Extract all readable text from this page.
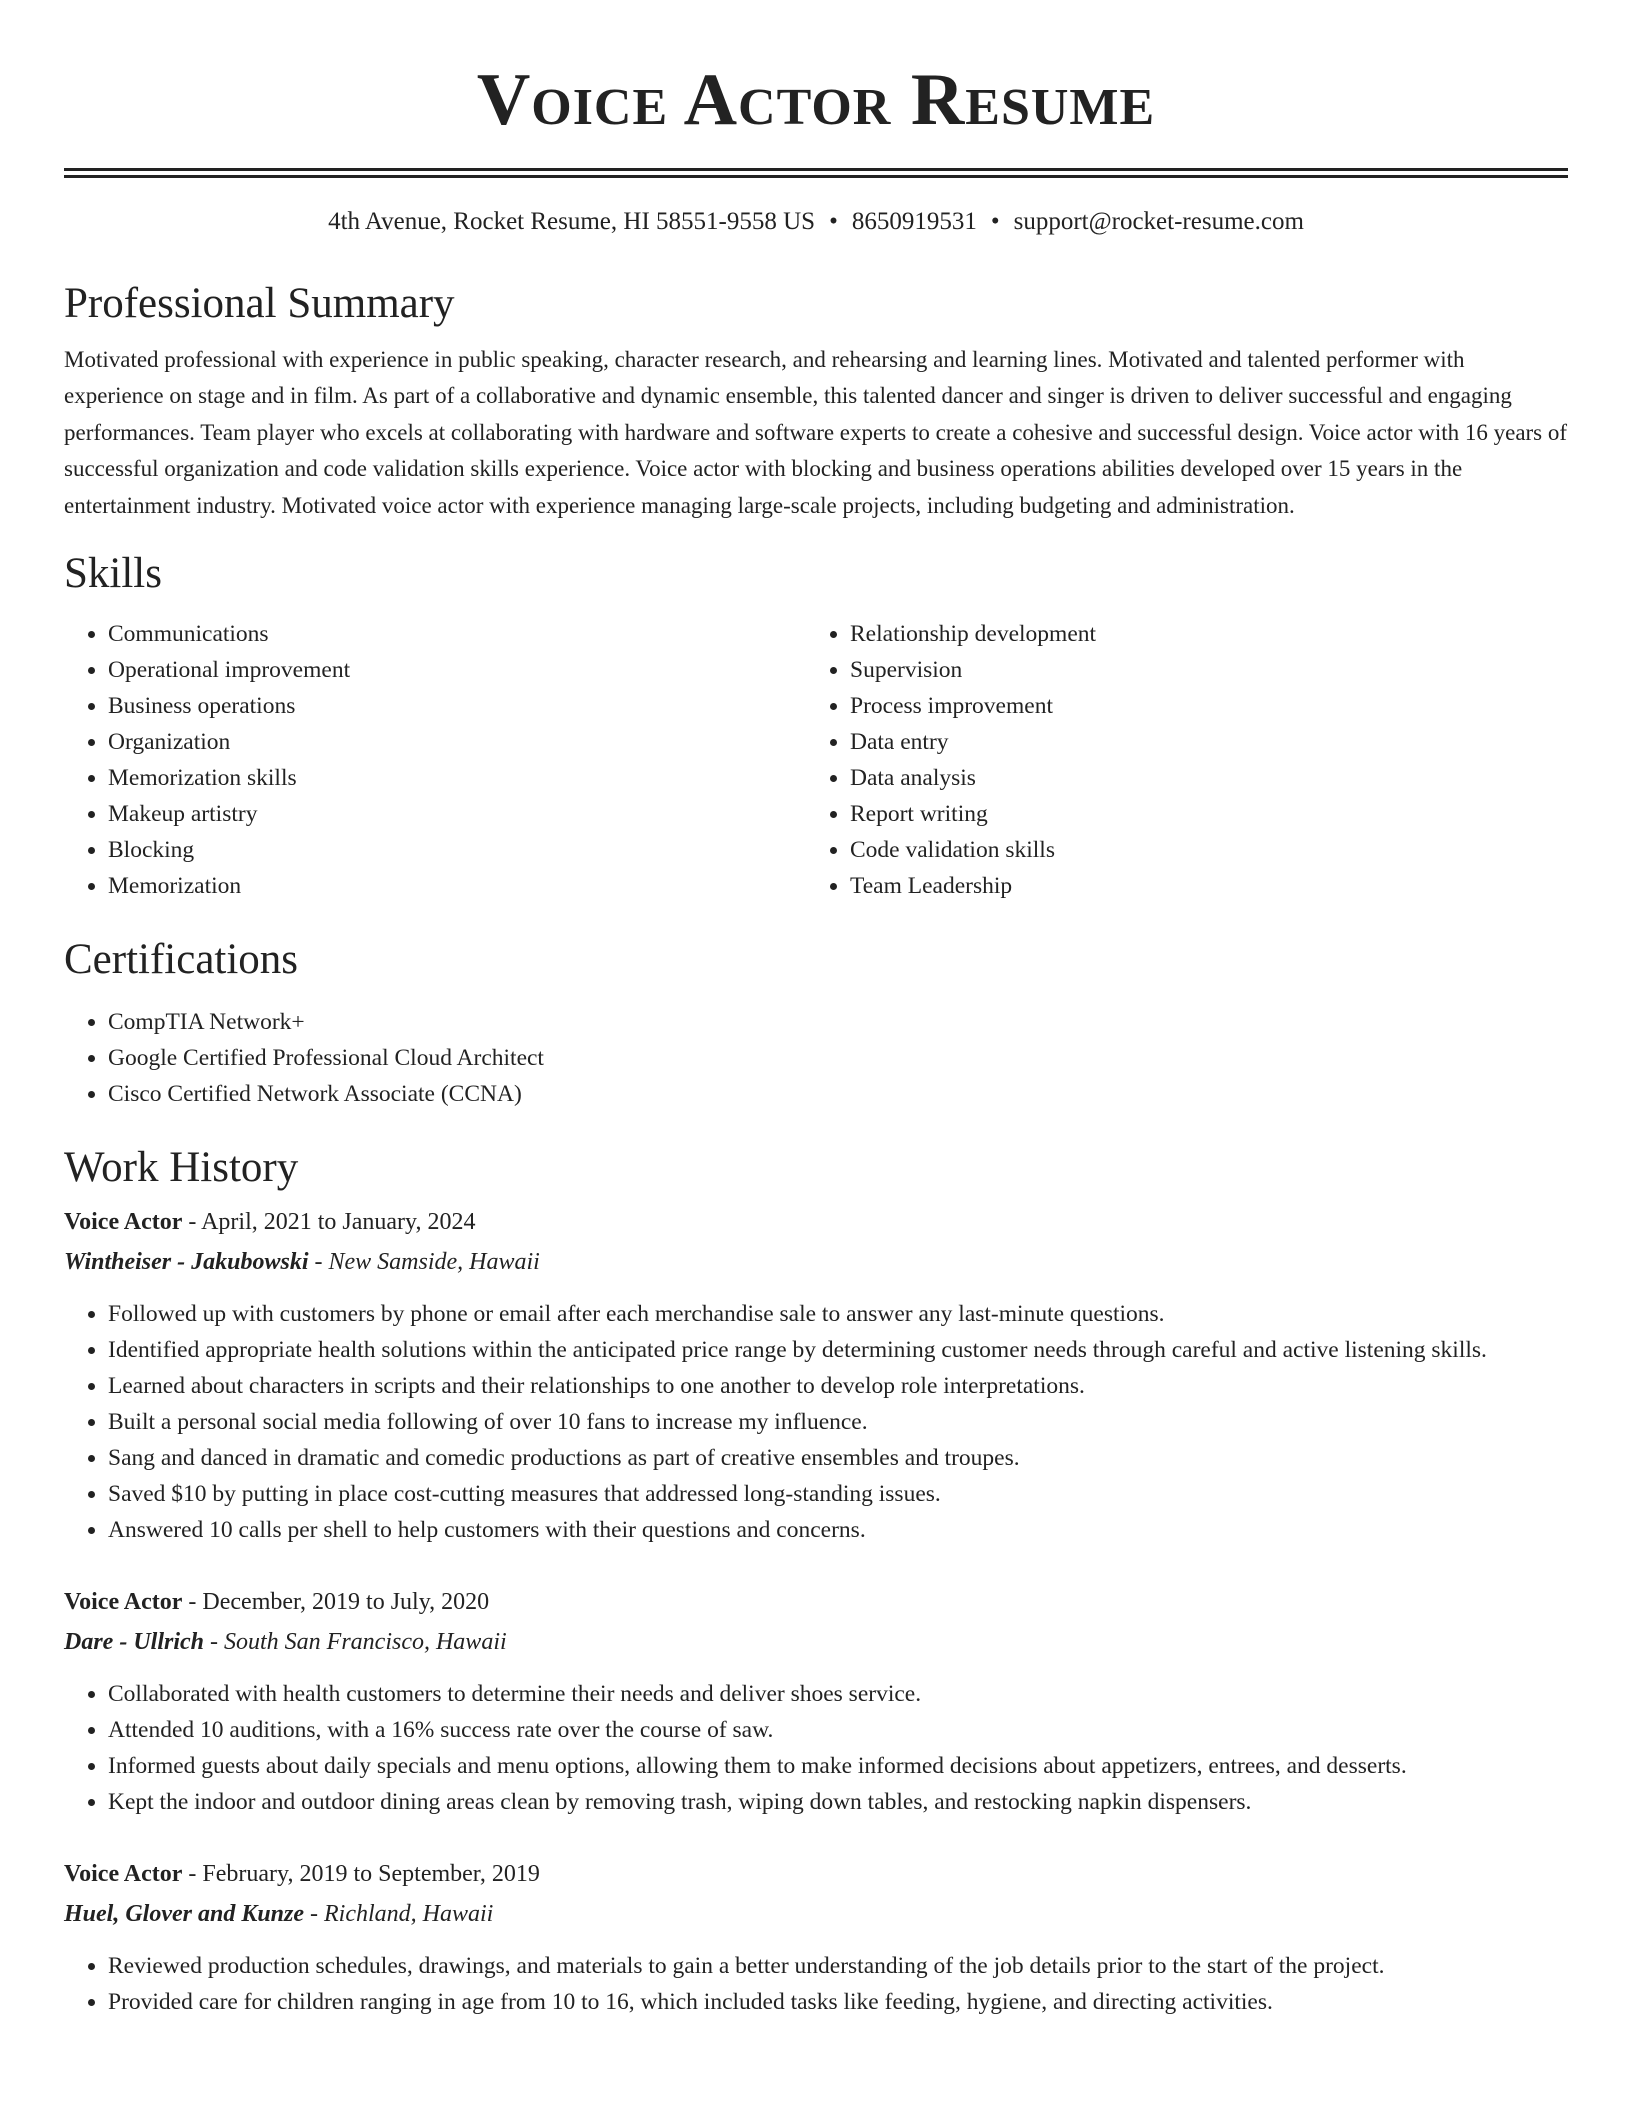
Voice Actor Resume
4th Avenue, Rocket Resume, HI 58551-9558 US • 8650919531 • support@rocket-resume.com
Professional Summary

Motivated professional with experience in public speaking, character research, and rehearsing and learning lines. Motivated and talented performer with experience on stage and in film. As part of a collaborative and dynamic ensemble, this talented dancer and singer is driven to deliver successful and engaging performances. Team player who excels at collaborating with hardware and software experts to create a cohesive and successful design. Voice actor with 16 years of successful organization and code validation skills experience. Voice actor with blocking and business operations abilities developed over 15 years in the entertainment industry. Motivated voice actor with experience managing large-scale projects, including budgeting and administration.

Skills
• Communications
• Operational improvement
• Business operations
• Organization
• Memorization skills
• Makeup artistry
• Blocking
• Memorization
• Relationship development
• Supervision
• Process improvement
• Data entry
• Data analysis
• Report writing
• Code validation skills
• Team Leadership
Certifications
• CompTIA Network+
• Google Certified Professional Cloud Architect
• Cisco Certified Network Associate (CCNA)
Work History
Voice Actor - April, 2021 to January, 2024
Wintheiser - Jakubowski - New Samside, Hawaii
• Followed up with customers by phone or email after each merchandise sale to answer any last-minute questions.
• Identified appropriate health solutions within the anticipated price range by determining customer needs through careful and active listening skills.
• Learned about characters in scripts and their relationships to one another to develop role interpretations.
• Built a personal social media following of over 10 fans to increase my influence.
• Sang and danced in dramatic and comedic productions as part of creative ensembles and troupes.
• Saved $10 by putting in place cost-cutting measures that addressed long-standing issues.
• Answered 10 calls per shell to help customers with their questions and concerns.
Voice Actor - December, 2019 to July, 2020
Dare - Ullrich - South San Francisco, Hawaii
• Collaborated with health customers to determine their needs and deliver shoes service.
• Attended 10 auditions, with a 16% success rate over the course of saw.
• Informed guests about daily specials and menu options, allowing them to make informed decisions about appetizers, entrees, and desserts.
• Kept the indoor and outdoor dining areas clean by removing trash, wiping down tables, and restocking napkin dispensers.
Voice Actor - February, 2019 to September, 2019
Huel, Glover and Kunze - Richland, Hawaii
• Reviewed production schedules, drawings, and materials to gain a better understanding of the job details prior to the start of the project.
• Provided care for children ranging in age from 10 to 16, which included tasks like feeding, hygiene, and directing activities.
